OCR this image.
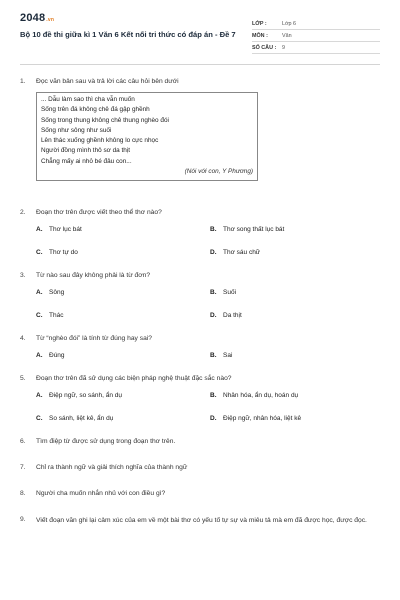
2048.vn
Bộ 10 đề thi giữa kì 1 Văn 6 Kết nối tri thức có đáp án - Đề 7
LỚP :	Lớp 6
MÔN :	Văn
SỐ CÂU :	9
1.	Đọc văn bản sau và trả lời các câu hỏi bên dưới
... Dẫu làm sao thì cha vẫn muốn
Sống trên đá không chê đá gập ghềnh
Sống trong thung không chê thung nghèo đói
Sống như sông như suối
Lên thác xuống ghềnh không lo cực nhọc
Người đồng mình thô sơ da thịt
Chẳng mấy ai nhỏ bé đâu con...
(Nói với con, Y Phương)
2.	Đoạn thơ trên được viết theo thể thơ nào?
A.	Thơ lục bát	B.	Thơ song thất lục bát
C.	Thơ tự do	D.	Thơ sáu chữ
3.	Từ nào sau đây không phải là từ đơn?
A.	Sông	B.	Suối
C.	Thác	D.	Da thịt
4.	Từ “nghèo đói” là tính từ đúng hay sai?
A.	Đúng	B.	Sai
5.	Đoạn thơ trên đã sử dụng các biện pháp nghệ thuật đặc sắc nào?
A.	Điệp ngữ, so sánh, ẩn dụ	B.	Nhân hóa, ẩn dụ, hoán dụ
C.	So sánh, liệt kê, ẩn dụ	D.	Điệp ngữ, nhân hóa, liệt kê
6.	Tìm điệp từ được sử dụng trong đoạn thơ trên.
7.	Chỉ ra thành ngữ và giải thích nghĩa của thành ngữ
8.	Người cha muốn nhắn nhủ với con điều gì?
9.	Viết đoạn văn ghi lại cảm xúc của em về một bài thơ có yếu tố tự sự và miêu tả mà em đã được học, được đọc.
